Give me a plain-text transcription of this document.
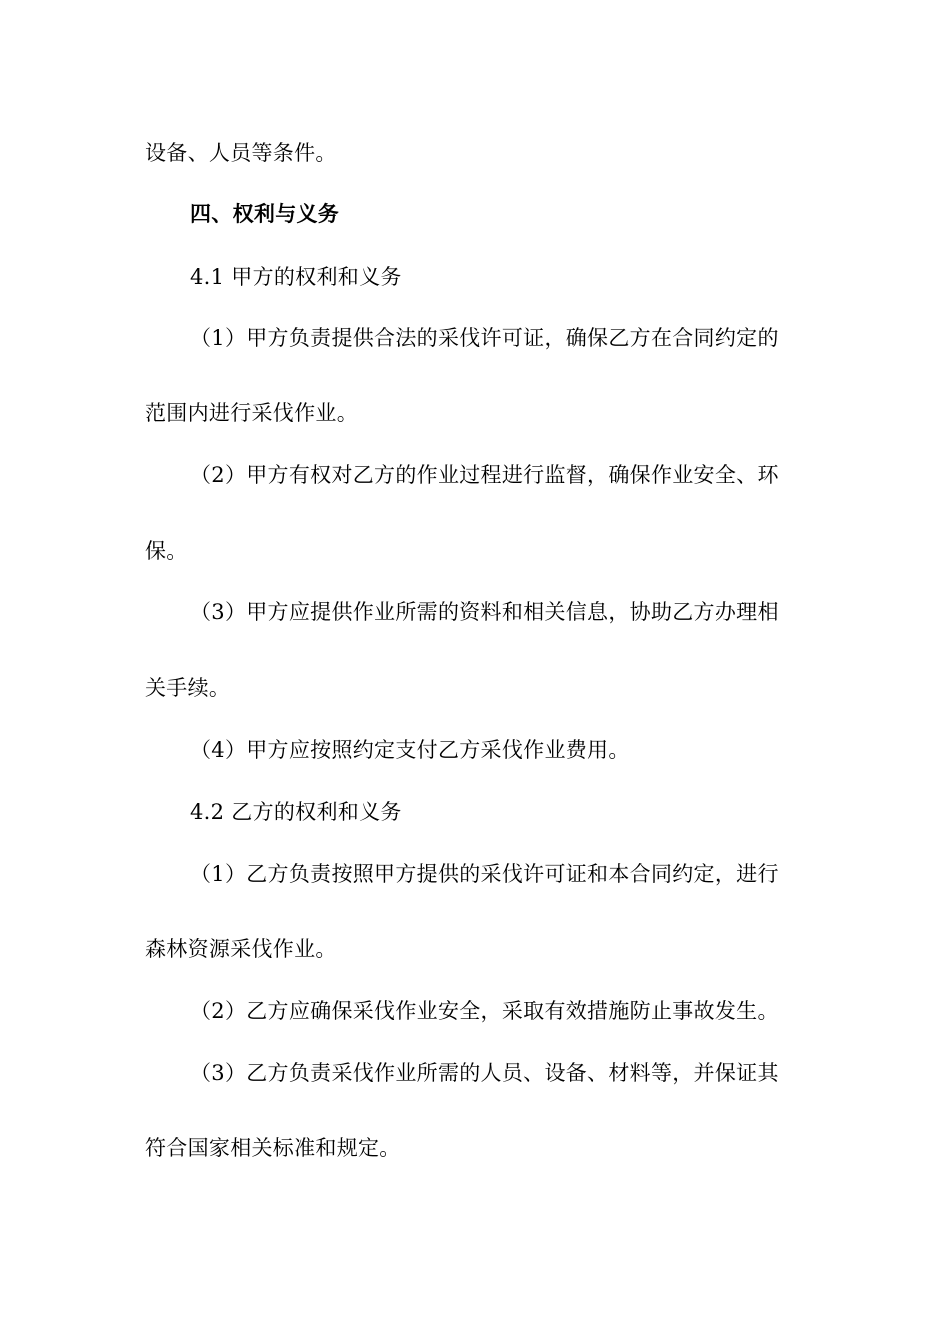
设备、人员等条件。
四、权利与义务
4.1 甲方的权利和义务
（1）甲方负责提供合法的采伐许可证，确保乙方在合同约定的
范围内进行采伐作业。
（2）甲方有权对乙方的作业过程进行监督，确保作业安全、环
保。
（3）甲方应提供作业所需的资料和相关信息，协助乙方办理相
关手续。
（4）甲方应按照约定支付乙方采伐作业费用。
4.2 乙方的权利和义务
（1）乙方负责按照甲方提供的采伐许可证和本合同约定，进行
森林资源采伐作业。
（2）乙方应确保采伐作业安全，采取有效措施防止事故发生。
（3）乙方负责采伐作业所需的人员、设备、材料等，并保证其
符合国家相关标准和规定。
